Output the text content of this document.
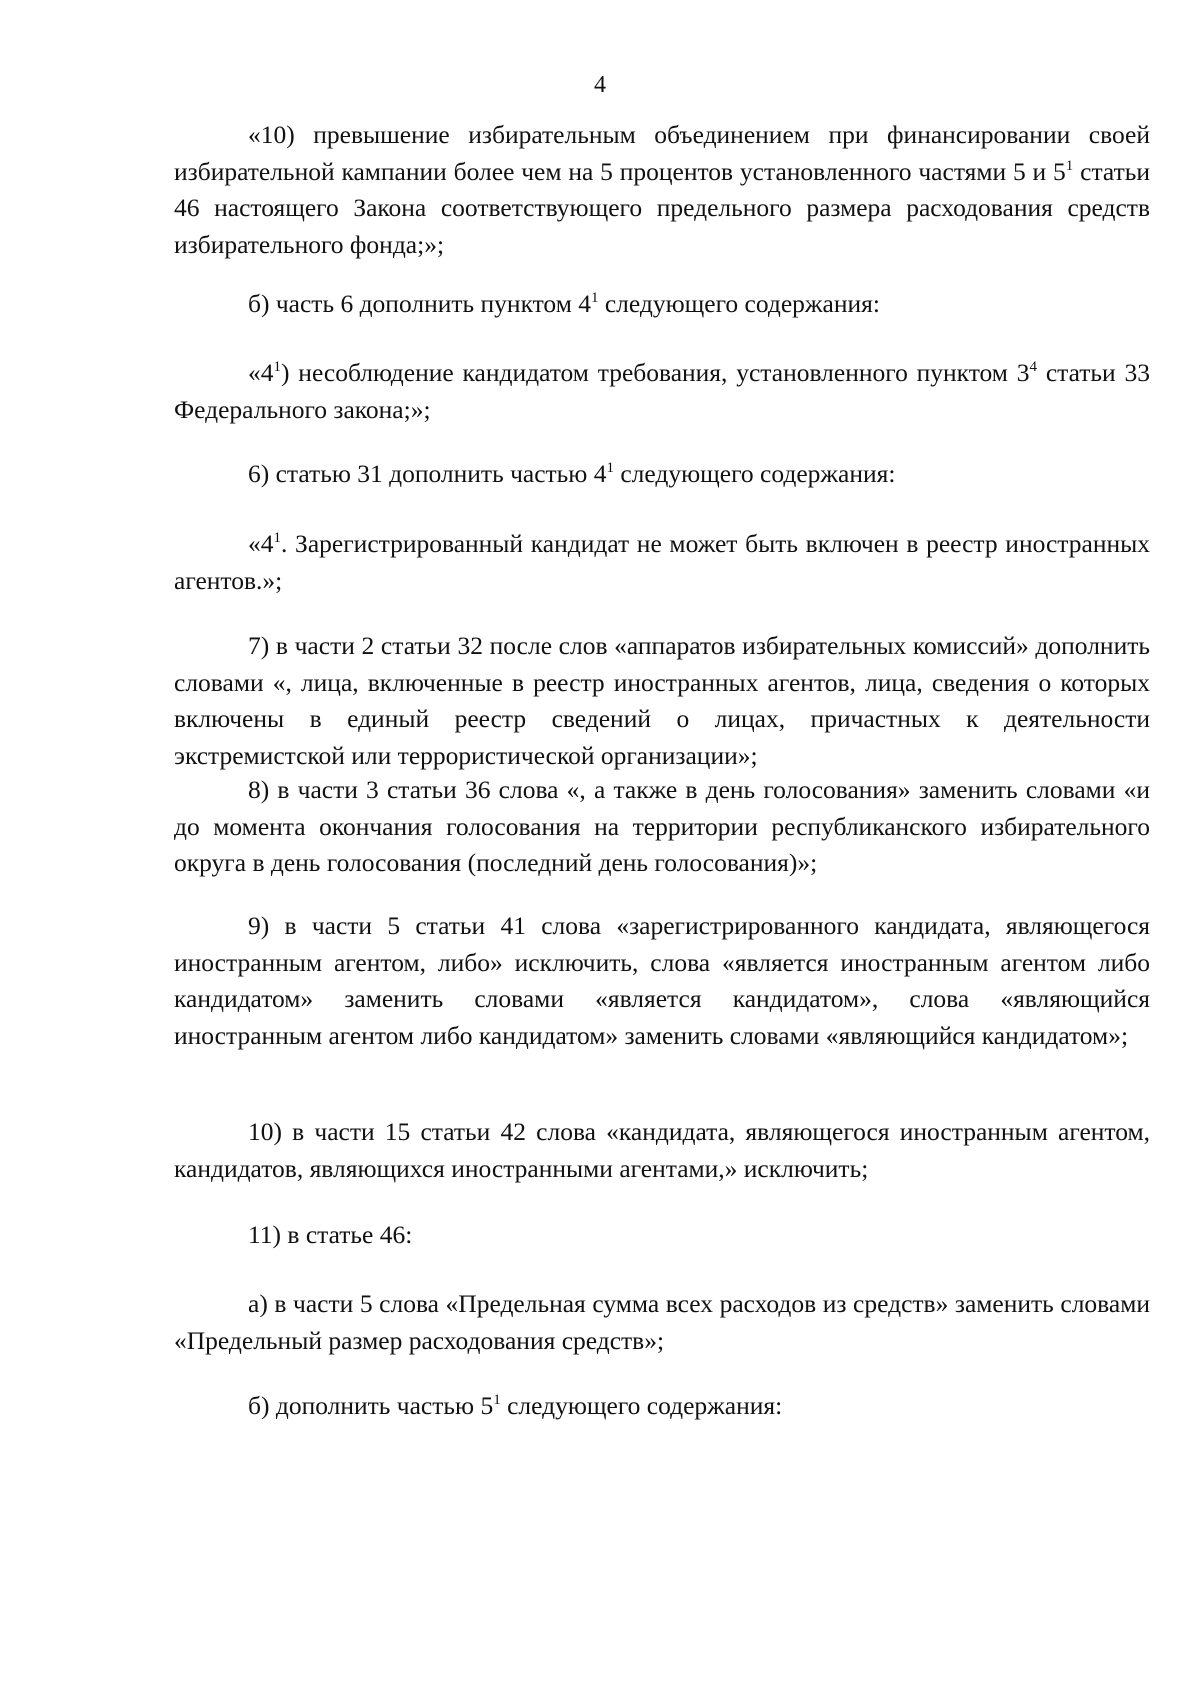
4

«10) превышение избирательным объединением при финансировании своей избирательной кампании более чем на 5 процентов установленного частями 5 и $5^1$ статьи 46 настоящего Закона соответствующего предельного размера расходования средств избирательного фонда;»;

б) часть 6 дополнить пунктом $4^1$ следующего содержания:

«$4^1$) несоблюдение кандидатом требования, установленного пунктом $3^4$ статьи 33 Федерального закона;»;

6) статью 31 дополнить частью $4^1$ следующего содержания:

«$4^1$. Зарегистрированный кандидат не может быть включен в реестр иностранных агентов.»;

7) в части 2 статьи 32 после слов «аппаратов избирательных комиссий» дополнить словами «, лица, включенные в реестр иностранных агентов, лица, сведения о которых включены в единый реестр сведений о лицах, причастных к деятельности экстремистской или террористической организации»;

8) в части 3 статьи 36 слова «, а также в день голосования» заменить словами «и до момента окончания голосования на территории республиканского избирательного округа в день голосования (последний день голосования)»;

9) в части 5 статьи 41 слова «зарегистрированного кандидата, являющегося иностранным агентом, либо» исключить, слова «является иностранным агентом либо кандидатом» заменить словами «является кандидатом», слова «являющийся иностранным агентом либо кандидатом» заменить словами «являющийся кандидатом»;

10) в части 15 статьи 42 слова «кандидата, являющегося иностранным агентом, кандидатов, являющихся иностранными агентами,» исключить;

11) в статье 46:

а) в части 5 слова «Предельная сумма всех расходов из средств» заменить словами «Предельный размер расходования средств»;

б) дополнить частью $5^1$ следующего содержания:
